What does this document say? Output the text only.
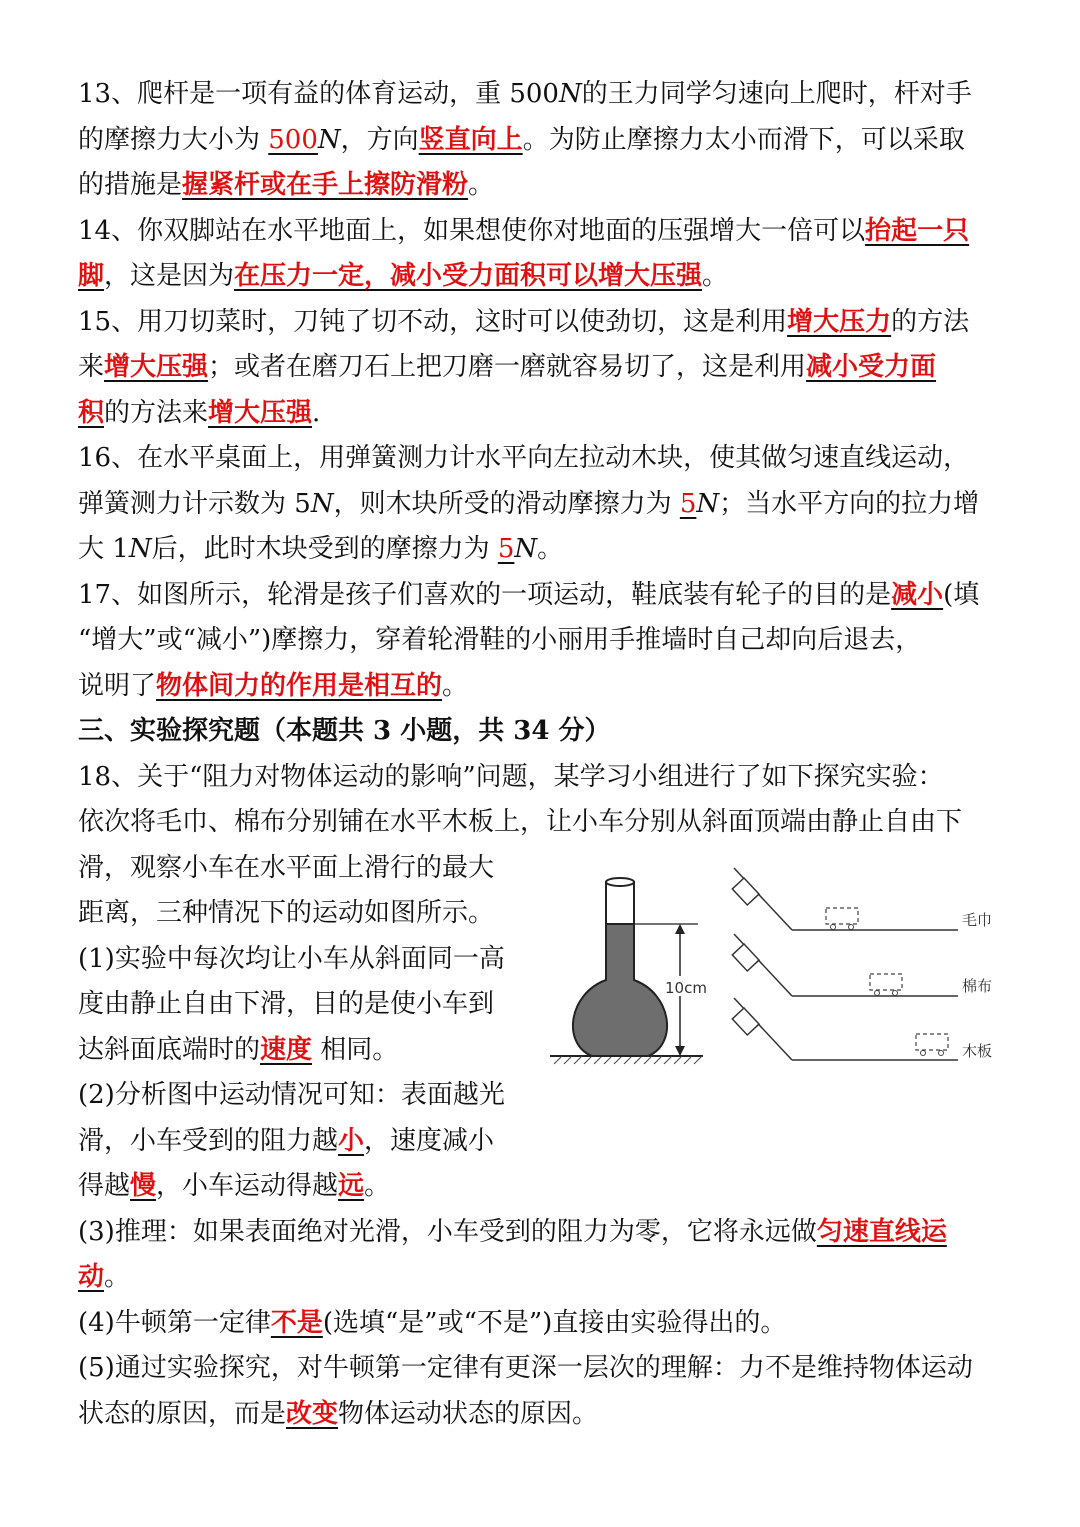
13、爬杆是一项有益的体育运动，重 500N的王力同学匀速向上爬时，杆对手
的摩擦力大小为 500N，方向竖直向上。为防止摩擦力太小而滑下，可以采取
的措施是握紧杆或在手上擦防滑粉。
14、你双脚站在水平地面上，如果想使你对地面的压强增大一倍可以抬起一只
脚，这是因为在压力一定，减小受力面积可以增大压强。
15、用刀切菜时，刀钝了切不动，这时可以使劲切，这是利用增大压力的方法
来增大压强；或者在磨刀石上把刀磨一磨就容易切了，这是利用减小受力面
积的方法来增大压强.
16、在水平桌面上，用弹簧测力计水平向左拉动木块，使其做匀速直线运动，
弹簧测力计示数为 5N，则木块所受的滑动摩擦力为 5N；当水平方向的拉力增
大 1N后，此时木块受到的摩擦力为 5N。
17、如图所示，轮滑是孩子们喜欢的一项运动，鞋底装有轮子的目的是减小(填
“增大”或“减小”)摩擦力，穿着轮滑鞋的小丽用手推墙时自己却向后退去，
说明了物体间力的作用是相互的。
三、实验探究题（本题共 3 小题，共 34 分）
18、关于“阻力对物体运动的影响”问题，某学习小组进行了如下探究实验：
依次将毛巾、棉布分别铺在水平木板上，让小车分别从斜面顶端由静止自由下
滑，观察小车在水平面上滑行的最大
距离，三种情况下的运动如图所示。
(1)实验中每次均让小车从斜面同一高
度由静止自由下滑，目的是使小车到
达斜面底端时的速度 相同。
(2)分析图中运动情况可知：表面越光
滑，小车受到的阻力越小，速度减小
得越慢，小车运动得越远。
(3)推理：如果表面绝对光滑，小车受到的阻力为零，它将永远做匀速直线运
动。
(4)牛顿第一定律不是(选填“是”或“不是”)直接由实验得出的。
(5)通过实验探究，对牛顿第一定律有更深一层次的理解：力不是维持物体运动
状态的原因，而是改变物体运动状态的原因。
10cm
毛巾
棉布
木板
